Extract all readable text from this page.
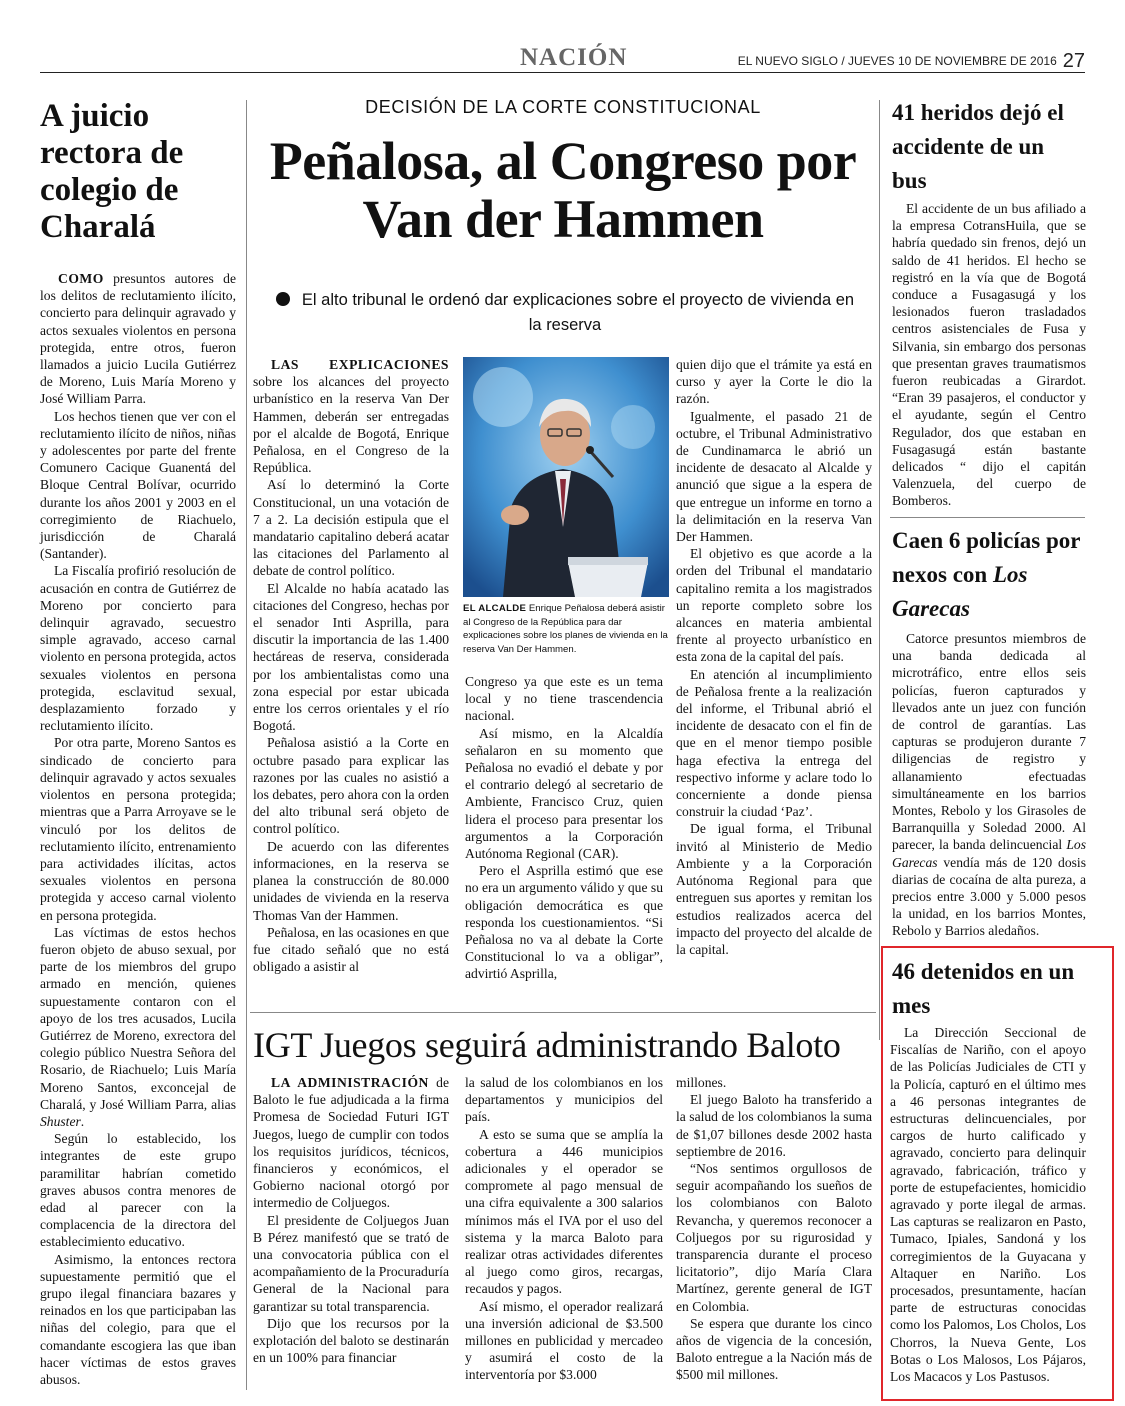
NACIÓN	EL NUEVO SIGLO / JUEVES 10 DE NOVIEMBRE DE 2016 27
A juicio rectora de colegio de Charalá

COMO presuntos autores de los delitos de reclutamiento ilícito, concierto para delinquir agravado y actos sexuales violentos en persona protegida, entre otros, fueron llamados a juicio Lucila Gutiérrez de Moreno, Luis María Moreno y José William Parra.

Los hechos tienen que ver con el reclutamiento ilícito de niños, niñas y adolescentes por parte del frente Comunero Cacique Guanentá del Bloque Central Bolívar, ocurrido durante los años 2001 y 2003 en el corregimiento de Riachuelo, jurisdicción de Charalá (Santander).

La Fiscalía profirió resolución de acusación en contra de Gutiérrez de Moreno por concierto para delinquir agravado, secuestro simple agravado, acceso carnal violento en persona protegida, actos sexuales violentos en persona protegida, esclavitud sexual, desplazamiento forzado y reclutamiento ilícito.

Por otra parte, Moreno Santos es sindicado de concierto para delinquir agravado y actos sexuales violentos en persona protegida; mientras que a Parra Arroyave se le vinculó por los delitos de reclutamiento ilícito, entrenamiento para actividades ilícitas, actos sexuales violentos en persona protegida y acceso carnal violento en persona protegida.

Las víctimas de estos hechos fueron objeto de abuso sexual, por parte de los miembros del grupo armado en mención, quienes supuestamente contaron con el apoyo de los tres acusados, Lucila Gutiérrez de Moreno, exrectora del colegio público Nuestra Señora del Rosario, de Riachuelo; Luis María Moreno Santos, exconcejal de Charalá, y José William Parra, alias Shuster.

Según lo establecido, los integrantes de este grupo paramilitar habrían cometido graves abusos contra menores de edad al parecer con la complacencia de la directora del establecimiento educativo.

Asimismo, la entonces rectora supuestamente permitió que el grupo ilegal financiara bazares y reinados en los que participaban las niñas del colegio, para que el comandante escogiera las que iban hacer víctimas de estos graves abusos.

DECISIÓN DE LA CORTE CONSTITUCIONAL
Peñalosa, al Congreso por Van der Hammen
El alto tribunal le ordenó dar explicaciones sobre el proyecto de vivienda en la reserva

LAS EXPLICACIONES sobre los alcances del proyecto urbanístico en la reserva Van Der Hammen, deberán ser entregadas por el alcalde de Bogotá, Enrique Peñalosa, en el Congreso de la República.

Así lo determinó la Corte Constitucional, un una votación de 7 a 2. La decisión estipula que el mandatario capitalino deberá acatar las citaciones del Parlamento al debate de control político.

El Alcalde no había acatado las citaciones del Congreso, hechas por el senador Inti Asprilla, para discutir la importancia de las 1.400 hectáreas de reserva, considerada por los ambientalistas como una zona especial por estar ubicada entre los cerros orientales y el río Bogotá.

Peñalosa asistió a la Corte en octubre pasado para explicar las razones por las cuales no asistió a los debates, pero ahora con la orden del alto tribunal será objeto de control político.

De acuerdo con las diferentes informaciones, en la reserva se planea la construcción de 80.000 unidades de vivienda en la reserva Thomas Van der Hammen.

Peñalosa, en las ocasiones en que fue citado señaló que no está obligado a asistir al

EL ALCALDE Enrique Peñalosa deberá asistir al Congreso de la República para dar explicaciones sobre los planes de vivienda en la reserva Van Der Hammen.

Congreso ya que este es un tema local y no tiene trascendencia nacional.

Así mismo, en la Alcaldía señalaron en su momento que Peñalosa no evadió el debate y por el contrario delegó al secretario de Ambiente, Francisco Cruz, quien lidera el proceso para presentar los argumentos a la Corporación Autónoma Regional (CAR).

Pero el Asprilla estimó que ese no era un argumento válido y que su obligación democrática es que responda los cuestionamientos. “Si Peñalosa no va al debate la Corte Constitucional lo va a obligar”, advirtió Asprilla,

quien dijo que el trámite ya está en curso y ayer la Corte le dio la razón.

Igualmente, el pasado 21 de octubre, el Tribunal Administrativo de Cundinamarca le abrió un incidente de desacato al Alcalde y anunció que sigue a la espera de que entregue un informe en torno a la delimitación en la reserva Van Der Hammen.

El objetivo es que acorde a la orden del Tribunal el mandatario capitalino remita a los magistrados un reporte completo sobre los alcances en materia ambiental frente al proyecto urbanístico en esta zona de la capital del país.

En atención al incumplimiento de Peñalosa frente a la realización del informe, el Tribunal abrió el incidente de desacato con el fin de que en el menor tiempo posible haga efectiva la entrega del respectivo informe y aclare todo lo concerniente a donde piensa construir la ciudad ‘Paz’.

De igual forma, el Tribunal invitó al Ministerio de Medio Ambiente y a la Corporación Autónoma Regional para que entreguen sus aportes y remitan los estudios realizados acerca del impacto del proyecto del alcalde de la capital.

IGT Juegos seguirá administrando Baloto

LA ADMINISTRACIÓN de Baloto le fue adjudicada a la firma Promesa de Sociedad Futuri IGT Juegos, luego de cumplir con todos los requisitos jurídicos, técnicos, financieros y económicos, el Gobierno nacional otorgó por intermedio de Coljuegos.

El presidente de Coljuegos Juan B Pérez manifestó que se trató de una convocatoria pública con el acompañamiento de la Procuraduría General de la Nacional para garantizar su total transparencia.

Dijo que los recursos por la explotación del baloto se destinarán en un 100% para financiar

la salud de los colombianos en los departamentos y municipios del país.

A esto se suma que se amplía la cobertura a 446 municipios adicionales y el operador se compromete al pago mensual de una cifra equivalente a 300 salarios mínimos más el IVA por el uso del sistema y la marca Baloto para realizar otras actividades diferentes al juego como giros, recargas, recaudos y pagos.

Así mismo, el operador realizará una inversión adicional de $3.500 millones en publicidad y mercadeo y asumirá el costo de la interventoría por $3.000

millones.

El juego Baloto ha transferido a la salud de los colombianos la suma de $1,07 billones desde 2002 hasta septiembre de 2016.

“Nos sentimos orgullosos de seguir acompañando los sueños de los colombianos con Baloto Revancha, y queremos reconocer a Coljuegos por su rigurosidad y transparencia durante el proceso licitatorio”, dijo María Clara Martínez, gerente general de IGT en Colombia.

Se espera que durante los cinco años de vigencia de la concesión, Baloto entregue a la Nación más de $500 mil millones.

41 heridos dejó el accidente de un bus

El accidente de un bus afiliado a la empresa CotransHuila, que se habría quedado sin frenos, dejó un saldo de 41 heridos. El hecho se registró en la vía que de Bogotá conduce a Fusagasugá y los lesionados fueron trasladados centros asistenciales de Fusa y Silvania, sin embargo dos personas que presentan graves traumatismos fueron reubicadas a Girardot. “Eran 39 pasajeros, el conductor y el ayudante, según el Centro Regulador, dos que estaban en Fusagasugá están bastante delicados “ dijo el capitán Valenzuela, del cuerpo de Bomberos.

Caen 6 policías por nexos con Los Garecas

Catorce presuntos miembros de una banda dedicada al microtráfico, entre ellos seis policías, fueron capturados y llevados ante un juez con función de control de garantías. Las capturas se produjeron durante 7 diligencias de registro y allanamiento efectuadas simultáneamente en los barrios Montes, Rebolo y los Girasoles de Barranquilla y Soledad 2000. Al parecer, la banda delincuencial Los Garecas vendía más de 120 dosis diarias de cocaína de alta pureza, a precios entre 3.000 y 5.000 pesos la unidad, en los barrios Montes, Rebolo y Barrios aledaños.

46 detenidos en un mes

La Dirección Seccional de Fiscalías de Nariño, con el apoyo de las Policías Judiciales de CTI y la Policía, capturó en el último mes a 46 personas integrantes de estructuras delincuenciales, por cargos de hurto calificado y agravado, concierto para delinquir agravado, fabricación, tráfico y porte de estupefacientes, homicidio agravado y porte ilegal de armas. Las capturas se realizaron en Pasto, Tumaco, Ipiales, Sandoná y los corregimientos de la Guyacana y Altaquer en Nariño. Los procesados, presuntamente, hacían parte de estructuras conocidas como los Palomos, Los Cholos, Los Chorros, la Nueva Gente, Los Botas o Los Malosos, Los Pájaros, Los Macacos y Los Pastusos.
